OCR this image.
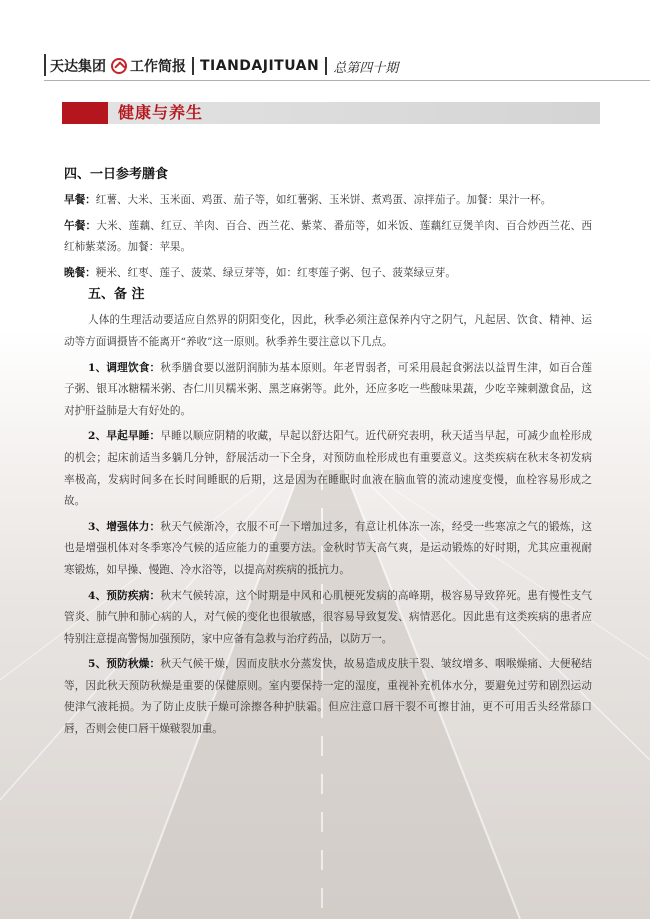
天达集团 工作简报 TIANDAJITUAN 总第四十期
健康与养生
四、一日参考膳食

早餐：红薯、大米、玉米面、鸡蛋、茄子等，如红薯粥、玉米饼、煮鸡蛋、凉拌茄子。加餐：果汁一杯。

午餐：大米、莲藕、红豆、羊肉、百合、西兰花、紫菜、番茄等，如米饭、莲藕红豆煲羊肉、百合炒西兰花、西红柿紫菜汤。加餐：苹果。

晚餐：粳米、红枣、莲子、菠菜、绿豆芽等，如：红枣莲子粥、包子、菠菜绿豆芽。

五、备 注

人体的生理活动要适应自然界的阴阳变化，因此，秋季必须注意保养内守之阴气，凡起居、饮食、精神、运动等方面调摄皆不能离开“养收”这一原则。秋季养生要注意以下几点。

1、调理饮食：秋季膳食要以滋阴润肺为基本原则。年老胃弱者，可采用晨起食粥法以益胃生津，如百合莲子粥、银耳冰糖糯米粥、杏仁川贝糯米粥、黑芝麻粥等。此外，还应多吃一些酸味果蔬，少吃辛辣刺激食品，这对护肝益肺是大有好处的。

2、早起早睡：早睡以顺应阴精的收藏，早起以舒达阳气。近代研究表明，秋天适当早起，可减少血栓形成的机会；起床前适当多躺几分钟，舒展活动一下全身，对预防血栓形成也有重要意义。这类疾病在秋末冬初发病率极高，发病时间多在长时间睡眠的后期，这是因为在睡眠时血液在脑血管的流动速度变慢，血栓容易形成之故。

3、增强体力：秋天气候渐冷，衣服不可一下增加过多，有意让机体冻一冻，经受一些寒凉之气的锻炼，这也是增强机体对冬季寒冷气候的适应能力的重要方法。金秋时节天高气爽，是运动锻炼的好时期，尤其应重视耐寒锻炼，如早操、慢跑、冷水浴等，以提高对疾病的抵抗力。

4、预防疾病：秋末气候转凉，这个时期是中风和心肌梗死发病的高峰期，极容易导致猝死。患有慢性支气管炎、肺气肿和肺心病的人，对气候的变化也很敏感，很容易导致复发、病情恶化。因此患有这类疾病的患者应特别注意提高警惕加强预防，家中应备有急救与治疗药品，以防万一。

5、预防秋燥：秋天气候干燥，因而皮肤水分蒸发快，故易造成皮肤干裂、皱纹增多、咽喉燥痛、大便秘结等，因此秋天预防秋燥是重要的保健原则。室内要保持一定的湿度，重视补充机体水分，要避免过劳和剧烈运动使津气液耗损。为了防止皮肤干燥可涂擦各种护肤霜。但应注意口唇干裂不可擦甘油，更不可用舌头经常舔口唇，否则会使口唇干燥皲裂加重。
